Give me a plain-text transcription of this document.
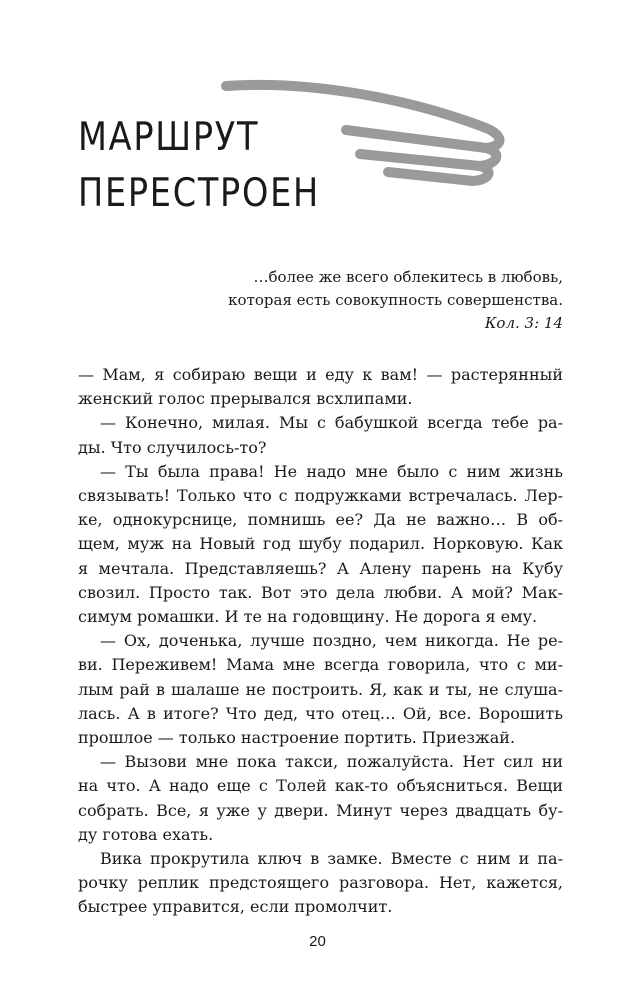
МАРШРУТ
ПЕРЕСТРОЕН
…более же всего облекитесь в любовь,
которая есть совокупность совершенства.
Кол. 3: 14
— Мам, я собираю вещи и еду к вам! — растерянный
женский голос прерывался всхлипами.
— Конечно, милая. Мы с бабушкой всегда тебе ра-
ды. Что случилось-то?
— Ты была права! Не надо мне было с ним жизнь
связывать! Только что с подружками встречалась. Лер-
ке, однокурснице, помнишь ее? Да не важно… В об-
щем, муж на Новый год шубу подарил. Норковую. Как
я мечтала. Представляешь? А Алену парень на Кубу
свозил. Просто так. Вот это дела любви. А мой? Мак-
симум ромашки. И те на годовщину. Не дорога я ему.
— Ох, доченька, лучше поздно, чем никогда. Не ре-
ви. Переживем! Мама мне всегда говорила, что с ми-
лым рай в шалаше не построить. Я, как и ты, не слуша-
лась. А в итоге? Что дед, что отец… Ой, все. Ворошить
прошлое — только настроение портить. Приезжай.
— Вызови мне пока такси, пожалуйста. Нет сил ни
на что. А надо еще с Толей как-то объясниться. Вещи
собрать. Все, я уже у двери. Минут через двадцать бу-
ду готова ехать.
Вика прокрутила ключ в замке. Вместе с ним и па-
рочку реплик предстоящего разговора. Нет, кажется,
быстрее управится, если промолчит.
20
